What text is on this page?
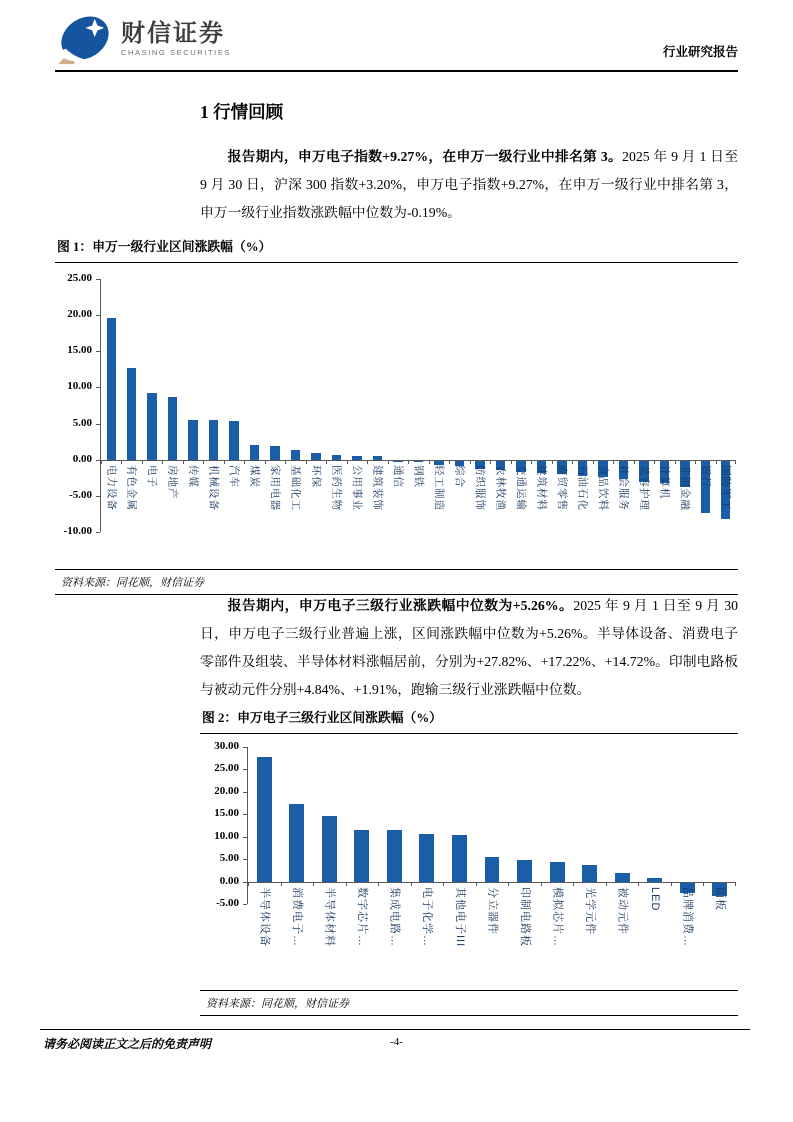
财信证券
CHASING SECURITIES	行业研究报告
1 行情回顾

报告期内，申万电子指数+9.27%，在申万一级行业中排名第 3。2025 年 9 月 1 日至 9 月 30 日，沪深 300 指数+3.20%，申万电子指数+9.27%，在申万一级行业中排名第 3，申万一级行业指数涨跌幅中位数为-0.19%。

图 1：申万一级行业区间涨跌幅（%）
25.00
20.00
15.00
10.00
5.00
0.00
-5.00
-10.00
电力设备 有色金属 电子 房地产 传媒 机械设备 汽车 煤炭 家用电器 基础化工 环保 医药生物 公用事业 建筑装饰 通信 钢铁 轻工制造 综合 纺织服饰 农林牧渔 交通运输 建筑材料 商贸零售 石油石化 食品饮料 社会服务 美容护理 计算机 非银金融 银行 国防军工
资料来源：同花顺，财信证券

报告期内，申万电子三级行业涨跌幅中位数为+5.26%。2025 年 9 月 1 日至 9 月 30 日，申万电子三级行业普遍上涨，区间涨跌幅中位数为+5.26%。半导体设备、消费电子零部件及组装、半导体材料涨幅居前，分别为+27.82%、+17.22%、+14.72%。印制电路板与被动元件分别+4.84%、+1.91%，跑输三级行业涨跌幅中位数。

图 2：申万电子三级行业区间涨跌幅（%）
30.00
25.00
20.00
15.00
10.00
5.00
0.00
-5.00 半导体设备 消费电子… 半导体材料 数字芯片… 集成电路… 电子化学… 其他电子III 分立器件 印制电路板 模拟芯片… 光学元件 被动元件 LED 品牌消费… 面板
资料来源：同花顺，财信证券
请务必阅读正文之后的免责声明	-4-
